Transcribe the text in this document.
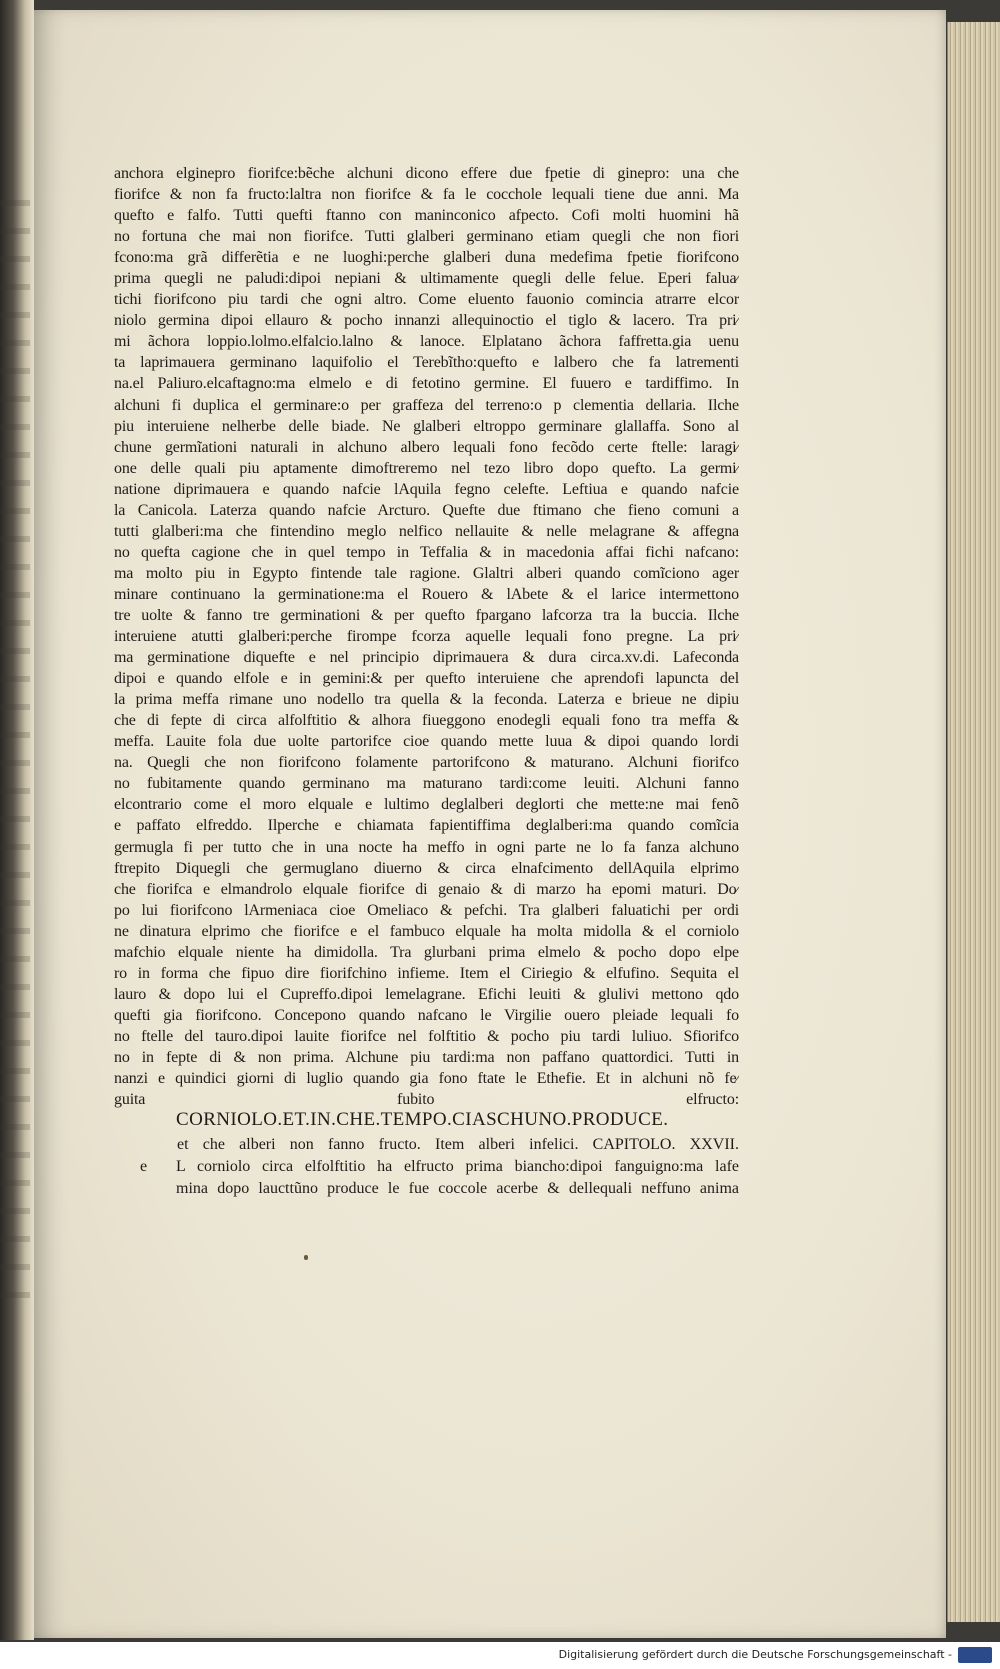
anchora elginepro fiorifce:bẽche alchuni dicono effere due fpetie di ginepro: una che
fiorifce & non fa fructo:laltra non fiorifce & fa le cocchole lequali tiene due anni. Ma
quefto e falfo. Tutti quefti ftanno con maninconico afpecto. Cofi molti huomini hã
no fortuna che mai non fiorifce. Tutti glalberi germinano etiam quegli che non fiori
fcono:ma grã differẽtia e ne luoghi:perche glalberi duna medefima fpetie fiorifcono
prima quegli ne paludi:dipoi nepiani & ultimamente quegli delle felue. Eperi falua⁄
tichi fiorifcono piu tardi che ogni altro. Come eluento fauonio comincia atrarre elcor
niolo germina dipoi ellauro & pocho innanzi allequinoctio el tiglo & lacero. Tra pri⁄
mi ãchora loppio.lolmo.elfalcio.lalno & lanoce. Elplatano ãchora faffretta.gia uenu
ta laprimauera germinano laquifolio el Terebĩtho:quefto e lalbero che fa latrementi
na.el Paliuro.elcaftagno:ma elmelo e di fetotino germine. El fuuero e tardiffimo. In
alchuni fi duplica el germinare:o per graffeza del terreno:o p clementia dellaria. Ilche
piu interuiene nelherbe delle biade. Ne glalberi eltroppo germinare glallaffa. Sono al
chune germĩationi naturali in alchuno albero lequali fono fecõdo certe ftelle: laragi⁄
one delle quali piu aptamente dimoftreremo nel tezo libro dopo quefto. La germi⁄
natione diprimauera e quando nafcie lAquila fegno celefte. Leftiua e quando nafcie
la Canicola. Laterza quando nafcie Arcturo. Quefte due ftimano che fieno comuni a
tutti glalberi:ma che fintendino meglo nelfico nellauite & nelle melagrane & affegna
no quefta cagione che in quel tempo in Teffalia & in macedonia affai fichi nafcano:
ma molto piu in Egypto fintende tale ragione. Glaltri alberi quando comĩciono ager
minare continuano la germinatione:ma el Rouero & lAbete & el larice intermettono
tre uolte & fanno tre germinationi & per quefto fpargano lafcorza tra la buccia. Ilche
interuiene atutti glalberi:perche firompe fcorza aquelle lequali fono pregne. La pri⁄
ma germinatione diquefte e nel principio diprimauera & dura circa.xv.di. Lafeconda
dipoi e quando elfole e in gemini:& per quefto interuiene che aprendofi lapuncta del
la prima meffa rimane uno nodello tra quella & la feconda. Laterza e brieue ne dipiu
che di fepte di circa alfolftitio & alhora fiueggono enodegli equali fono tra meffa &
meffa. Lauite fola due uolte partorifce cioe quando mette luua & dipoi quando lordi
na. Quegli che non fiorifcono folamente partorifcono & maturano. Alchuni fiorifco
no fubitamente quando germinano ma maturano tardi:come leuiti. Alchuni fanno
elcontrario come el moro elquale e lultimo deglalberi deglorti che mette:ne mai fenõ
e paffato elfreddo. Ilperche e chiamata fapientiffima deglalberi:ma quando comĩcia
germugla fi per tutto che in una nocte ha meffo in ogni parte ne lo fa fanza alchuno
ftrepito Diquegli che germuglano diuerno & circa elnafcimento dellAquila elprimo
che fiorifca e elmandrolo elquale fiorifce di genaio & di marzo ha epomi maturi. Do⁄
po lui fiorifcono lArmeniaca cioe Omeliaco & pefchi. Tra glalberi faluatichi per ordi
ne dinatura elprimo che fiorifce e el fambuco elquale ha molta midolla & el corniolo
mafchio elquale niente ha dimidolla. Tra glurbani prima elmelo & pocho dopo elpe
ro in forma che fipuo dire fiorifchino infieme. Item el Ciriegio & elfufino. Sequita el
lauro & dopo lui el Cupreffo.dipoi lemelagrane. Efichi leuiti & glulivi mettono qdo
quefti gia fiorifcono. Concepono quando nafcano le Virgilie ouero pleiade lequali fo
no ftelle del tauro.dipoi lauite fiorifce nel folftitio & pocho piu tardi luliuo. Sfiorifco
no in fepte di & non prima. Alchune piu tardi:ma non paffano quattordici. Tutti in
nanzi e quindici giorni di luglio quando gia fono ftate le Ethefie. Et in alchuni nõ fe⁄
guita fubito elfructo:
CORNIOLO.ET.IN.CHE.TEMPO.CIASCHUNO.PRODUCE.
et che alberi non fanno fructo. Item alberi infelici. CAPITOLO. XXVII.
e L corniolo circa elfolftitio ha elfructo prima biancho:dipoi fanguigno:ma lafe
mina dopo laucttũno produce le fue coccole acerbe & dellequali neffuno anima
Digitalisierung gefördert durch die Deutsche Forschungsgemeinschaft -
